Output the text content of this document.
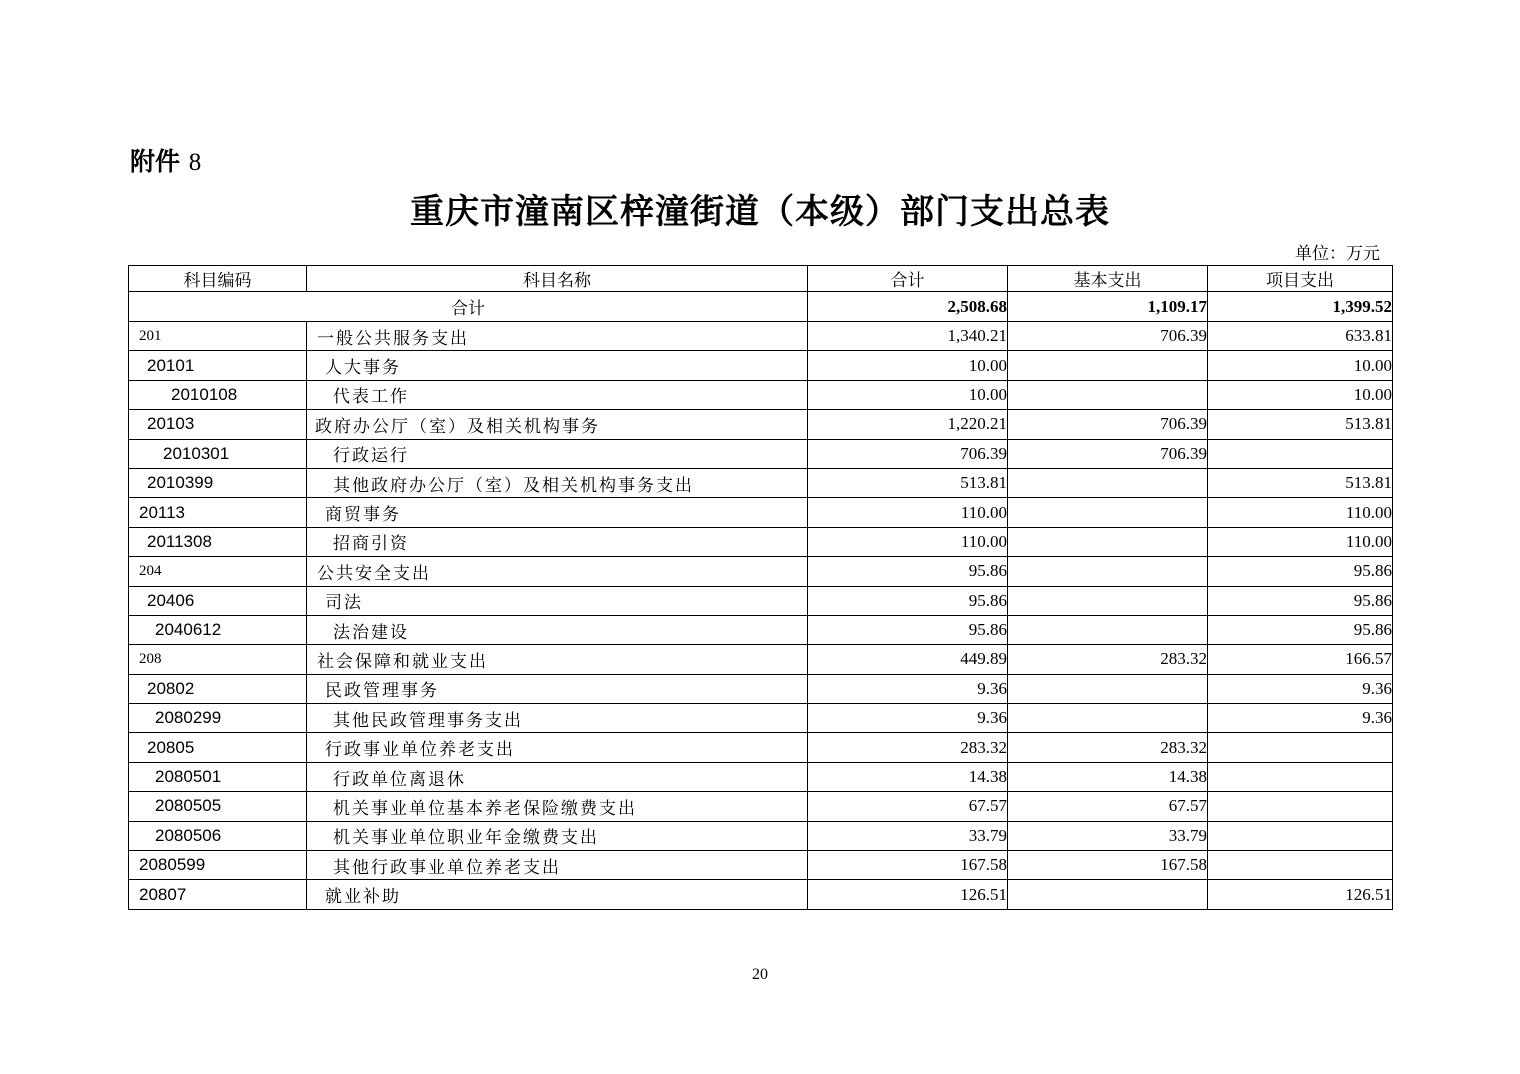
附件 8
重庆市潼南区梓潼街道（本级）部门支出总表
单位：万元
科目编码	科目名称	合计	基本支出	项目支出
合计		2,508.68	1,109.17	1,399.52
201	一般公共服务支出	1,340.21	706.39	633.81
20101	人大事务	10.00		10.00
2010108	代表工作	10.00		10.00
20103	政府办公厅（室）及相关机构事务	1,220.21	706.39	513.81
2010301	行政运行	706.39	706.39	
2010399	其他政府办公厅（室）及相关机构事务支出	513.81		513.81
20113	商贸事务	110.00		110.00
2011308	招商引资	110.00		110.00
204	公共安全支出	95.86		95.86
20406	司法	95.86		95.86
2040612	法治建设	95.86		95.86
208	社会保障和就业支出	449.89	283.32	166.57
20802	民政管理事务	9.36		9.36
2080299	其他民政管理事务支出	9.36		9.36
20805	行政事业单位养老支出	283.32	283.32	
2080501	行政单位离退休	14.38	14.38	
2080505	机关事业单位基本养老保险缴费支出	67.57	67.57	
2080506	机关事业单位职业年金缴费支出	33.79	33.79	
2080599	其他行政事业单位养老支出	167.58	167.58	
20807	就业补助	126.51		126.51
20
